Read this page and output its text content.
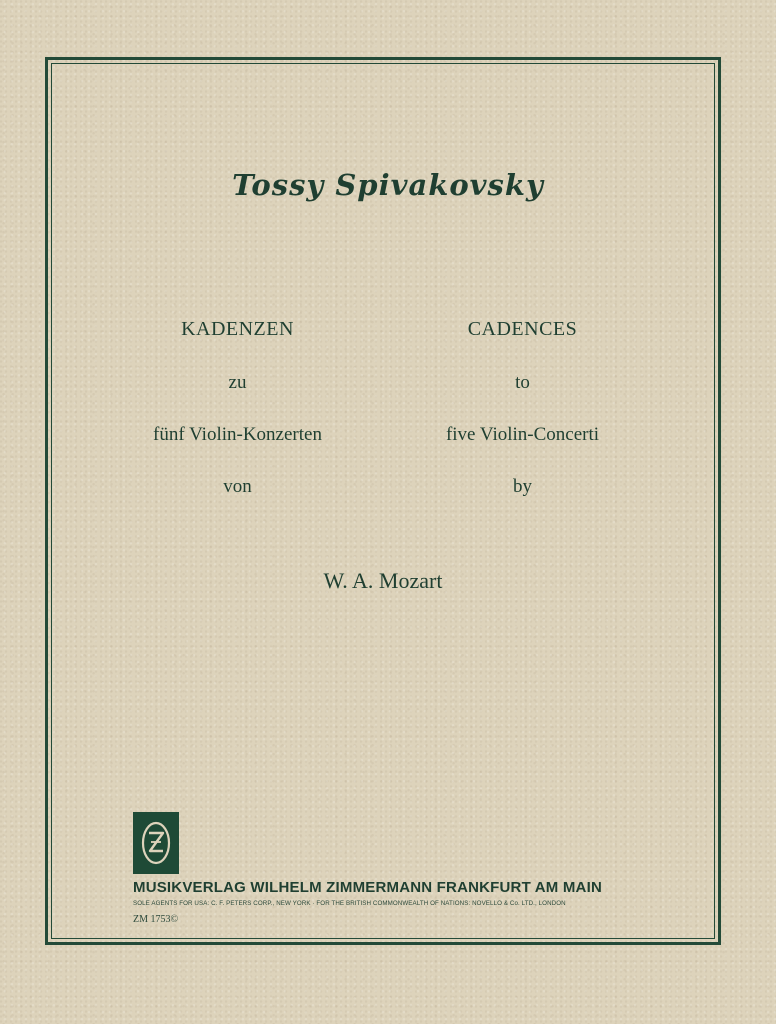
Tossy Spivakovsky
KADENZEN
zu
fünf Violin-Konzerten
von
CADENCES
to
five Violin-Concerti
by
W. A. Mozart
MUSIKVERLAG WILHELM ZIMMERMANN FRANKFURT AM MAIN
SOLE AGENTS FOR USA: C. F. PETERS CORP., NEW YORK · FOR THE BRITISH COMMONWEALTH OF NATIONS: NOVELLO & Co. LTD., LONDON
ZM 1753©
